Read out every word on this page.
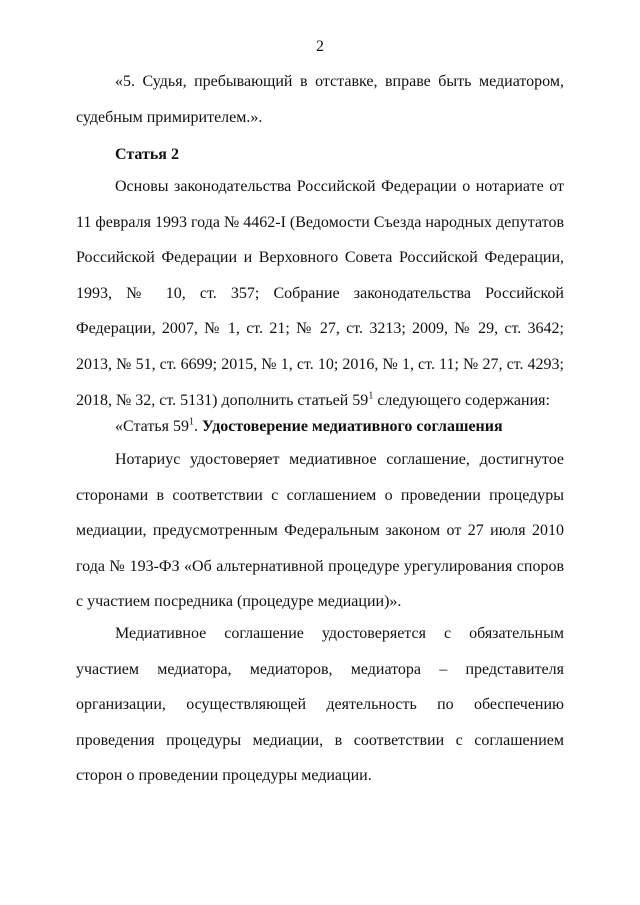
2

«5. Судья, пребывающий в отставке, вправе быть медиатором, судебным примирителем.».

Статья 2

Основы законодательства Российской Федерации о нотариате от 11 февраля 1993 года № 4462-I (Ведомости Съезда народных депутатов Российской Федерации и Верховного Совета Российской Федерации, 1993, № 10, ст. 357; Собрание законодательства Российской Федерации, 2007, № 1, ст. 21; № 27, ст. 3213; 2009, № 29, ст. 3642; 2013, № 51, ст. 6699; 2015, № 1, ст. 10; 2016, № 1, ст. 11; № 27, ст. 4293; 2018, № 32, ст. 5131) дополнить статьей $59^1$ следующего содержания:

«Статья $59^1$. Удостоверение медиативного соглашения

Нотариус удостоверяет медиативное соглашение, достигнутое сторонами в соответствии с соглашением о проведении процедуры медиации, предусмотренным Федеральным законом от 27 июля 2010 года № 193-ФЗ «Об альтернативной процедуре урегулирования споров с участием посредника (процедуре медиации)».

Медиативное соглашение удостоверяется с обязательным участием медиатора, медиаторов, медиатора – представителя организации, осуществляющей деятельность по обеспечению проведения процедуры медиации, в соответствии с соглашением сторон о проведении процедуры медиации.
